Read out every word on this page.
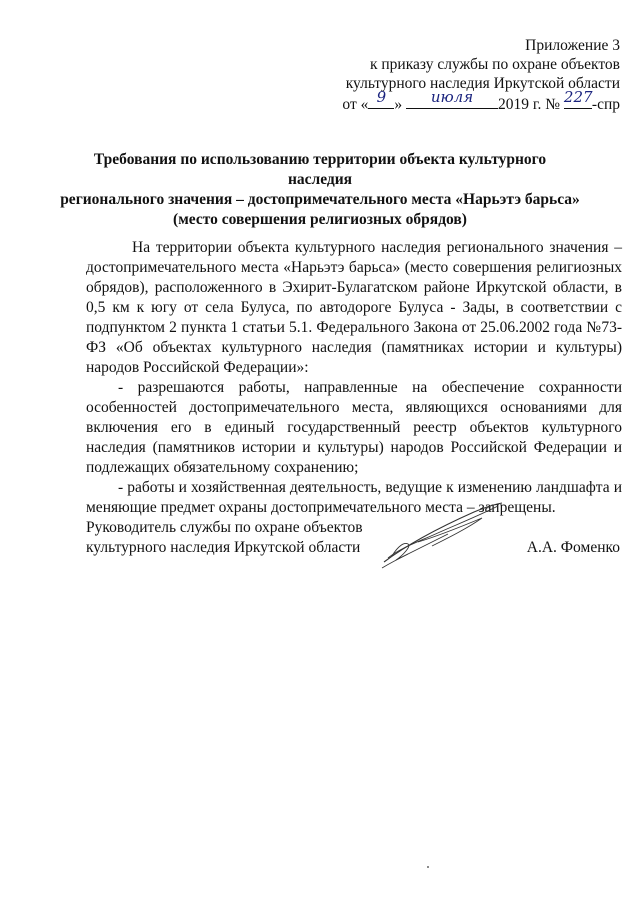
Приложение 3
к приказу службы по охране объектов
культурного наследия Иркутской области
от « 9 »	июля	2019 г. № 227 -спр
Требования по использованию территории объекта культурного наследия
регионального значения – достопримечательного места «Нарьэтэ барьса»
(место совершения религиозных обрядов)

На территории объекта культурного наследия регионального значения – достопримечательного места «Нарьэтэ барьса» (место совершения религиозных обрядов), расположенного в Эхирит-Булагатском районе Иркутской области, в 0,5 км к югу от села Булуса, по автодороге Булуса - Зады, в соответствии с подпунктом 2 пункта 1 статьи 5.1. Федерального Закона от 25.06.2002 года №73-ФЗ «Об объектах культурного наследия (памятниках истории и культуры) народов Российской Федерации»:

- разрешаются работы, направленные на обеспечение сохранности особенностей достопримечательного места, являющихся основаниями для включения его в единый государственный реестр объектов культурного наследия (памятников истории и культуры) народов Российской Федерации и подлежащих обязательному сохранению;

- работы и хозяйственная деятельность, ведущие к изменению ландшафта и меняющие предмет охраны достопримечательного места – запрещены.

Руководитель службы по охране объектов
культурного наследия Иркутской области	А.А. Фоменко
